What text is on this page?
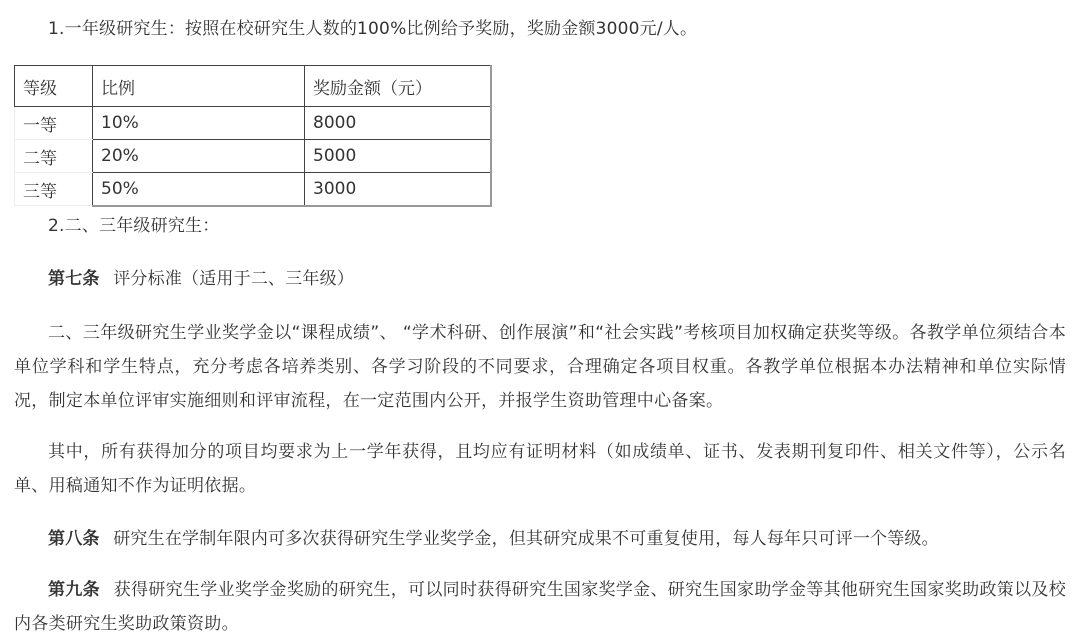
1.一年级研究生：按照在校研究生人数的100%比例给予奖励，奖励金额3000元/人。
等级	比例	奖励金额（元）
一等	10%	8000
二等	20%	5000
三等	50%	3000
2.二、三年级研究生：
第七条 评分标准（适用于二、三年级）
二、三年级研究生学业奖学金以“课程成绩”、 “学术科研、创作展演”和“社会实践”考核项目加权确定获奖等级。各教学单位须结合本单位学科和学生特点，充分考虑各培养类别、各学习阶段的不同要求，合理确定各项目权重。各教学单位根据本办法精神和单位实际情况，制定本单位评审实施细则和评审流程，在一定范围内公开，并报学生资助管理中心备案。
其中，所有获得加分的项目均要求为上一学年获得，且均应有证明材料（如成绩单、证书、发表期刊复印件、相关文件等），公示名单、用稿通知不作为证明依据。
第八条 研究生在学制年限内可多次获得研究生学业奖学金，但其研究成果不可重复使用，每人每年只可评一个等级。
第九条 获得研究生学业奖学金奖励的研究生，可以同时获得研究生国家奖学金、研究生国家助学金等其他研究生国家奖助政策以及校内各类研究生奖助政策资助。
